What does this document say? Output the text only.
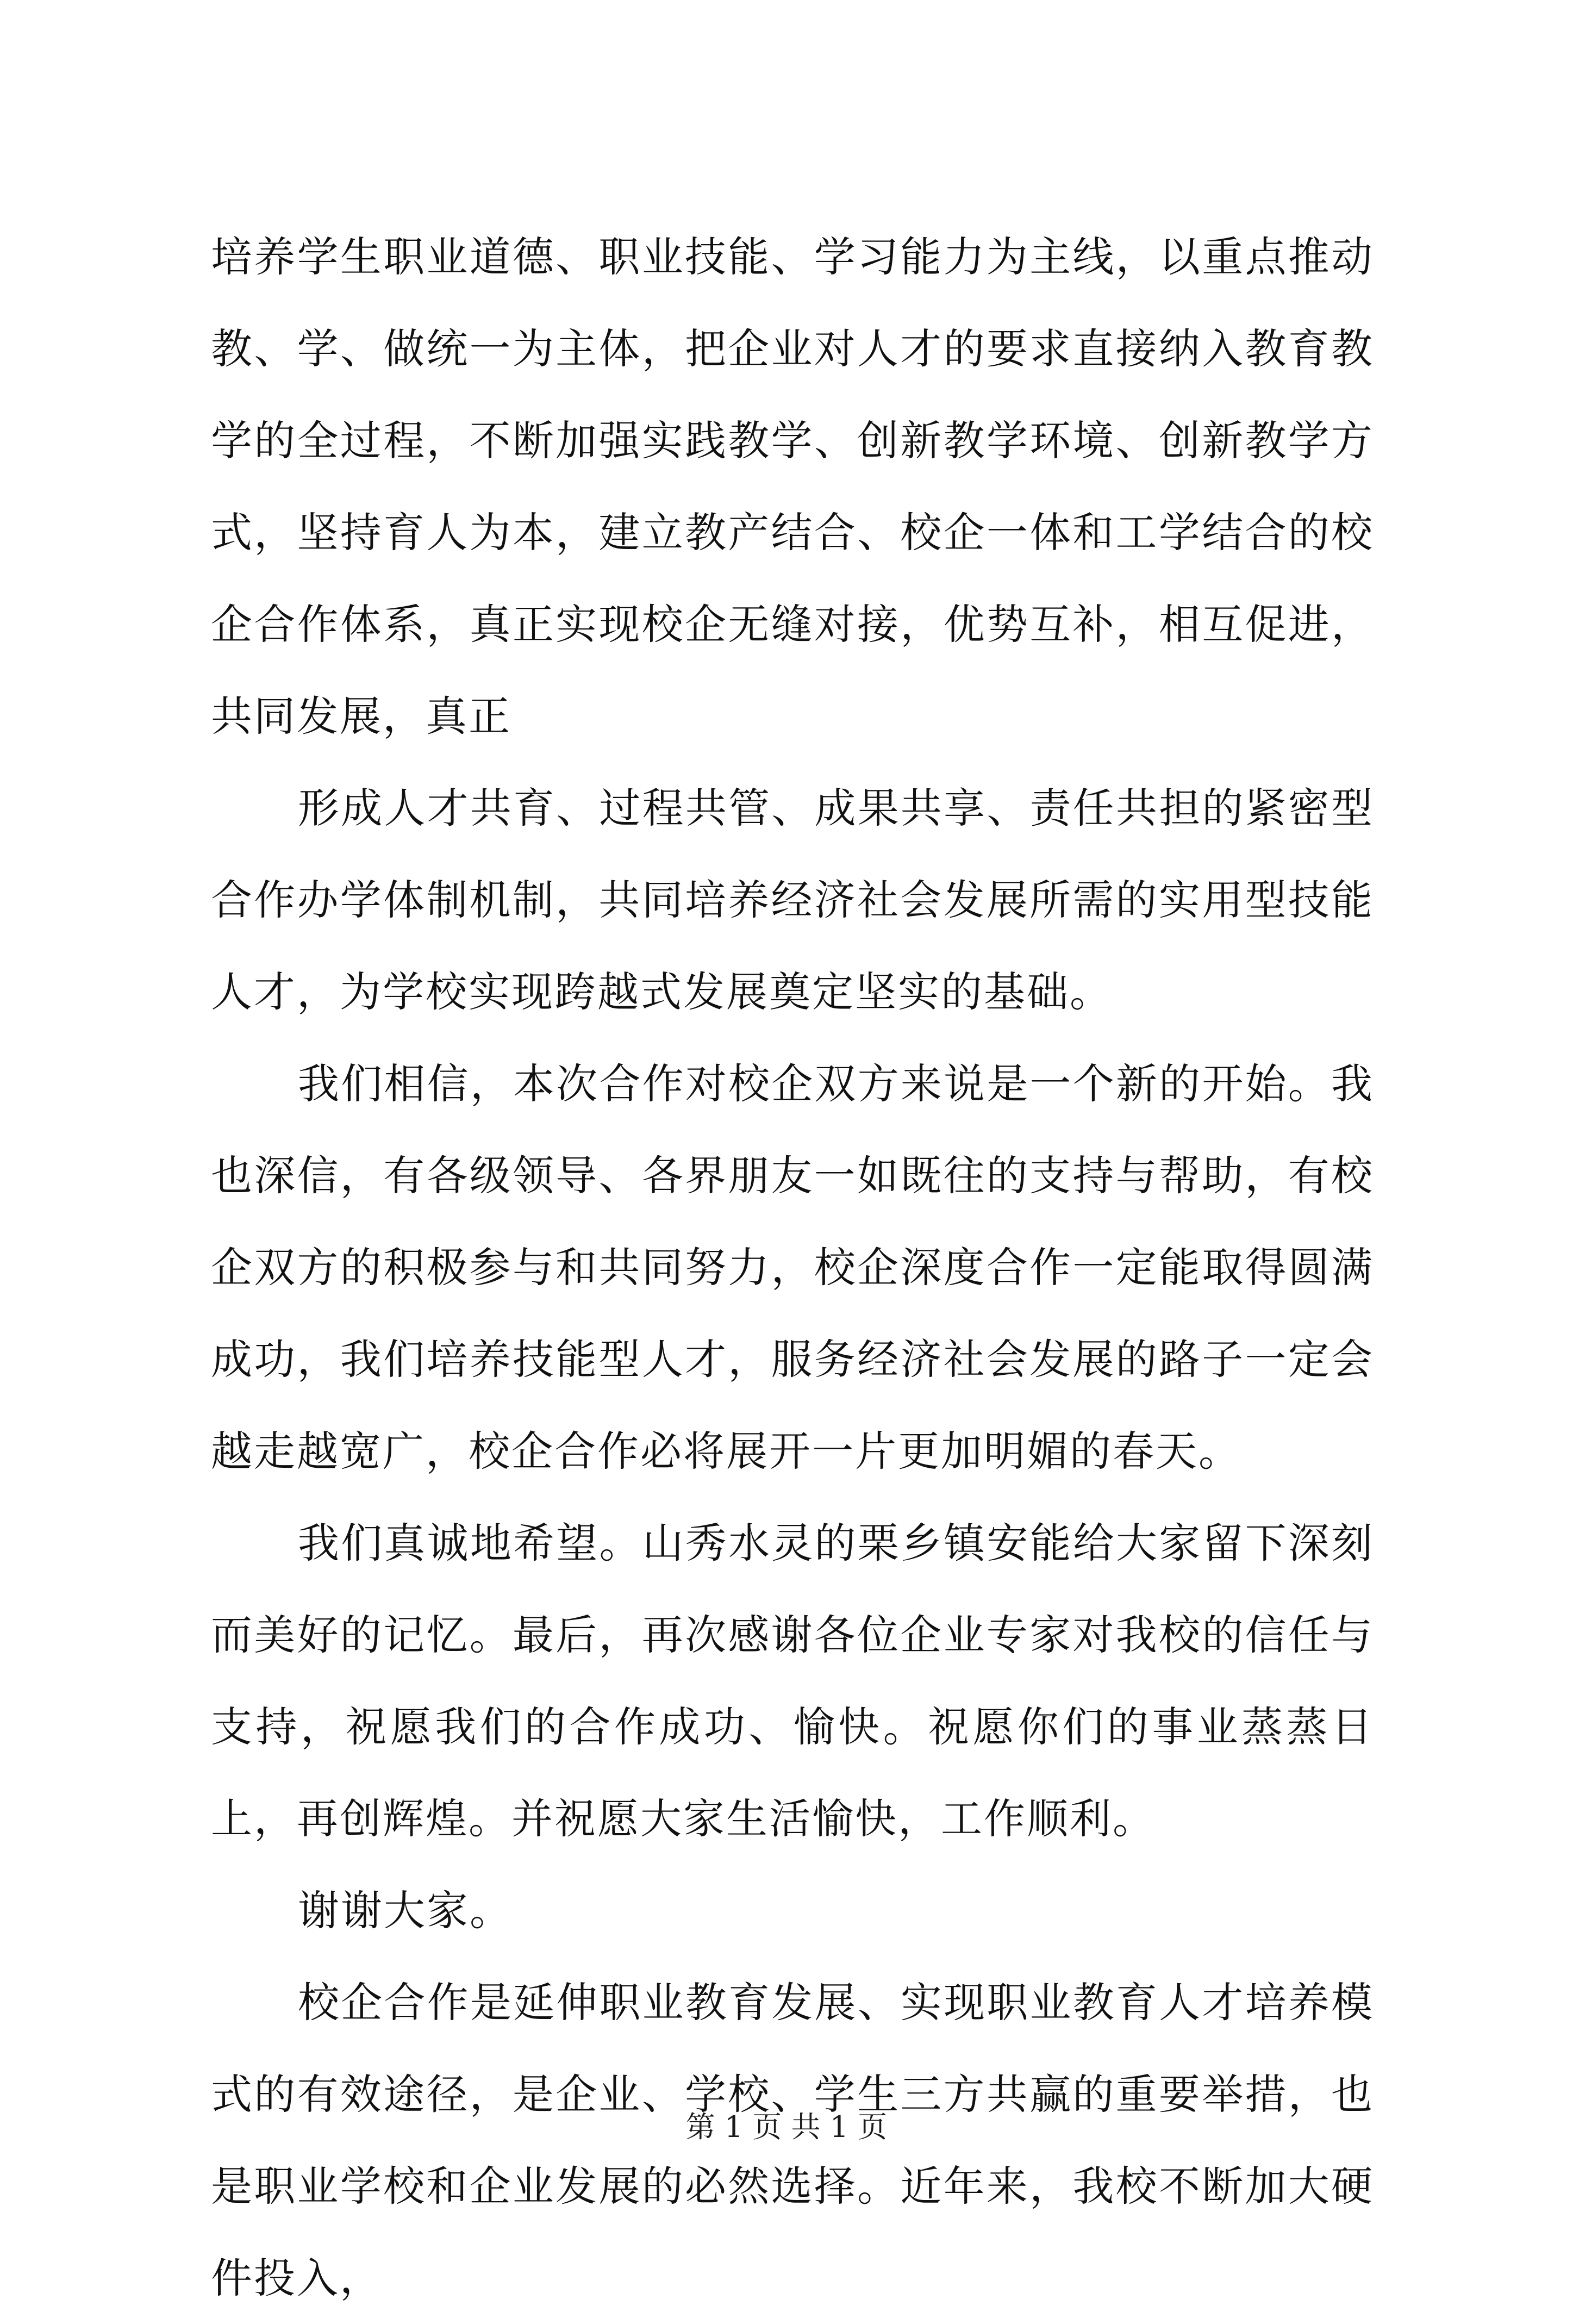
培养学生职业道德、职业技能、学习能力为主线，以重点推动教、学、做统一为主体，把企业对人才的要求直接纳入教育教学的全过程，不断加强实践教学、创新教学环境、创新教学方式，坚持育人为本，建立教产结合、校企一体和工学结合的校企合作体系，真正实现校企无缝对接，优势互补，相互促进，共同发展，真正

形成人才共育、过程共管、成果共享、责任共担的紧密型合作办学体制机制，共同培养经济社会发展所需的实用型技能人才，为学校实现跨越式发展奠定坚实的基础。

我们相信，本次合作对校企双方来说是一个新的开始。我也深信，有各级领导、各界朋友一如既往的支持与帮助，有校企双方的积极参与和共同努力，校企深度合作一定能取得圆满成功，我们培养技能型人才，服务经济社会发展的路子一定会越走越宽广，校企合作必将展开一片更加明媚的春天。

我们真诚地希望。山秀水灵的栗乡镇安能给大家留下深刻而美好的记忆。最后，再次感谢各位企业专家对我校的信任与支持，祝愿我们的合作成功、愉快。祝愿你们的事业蒸蒸日上，再创辉煌。并祝愿大家生活愉快，工作顺利。

谢谢大家。

校企合作是延伸职业教育发展、实现职业教育人才培养模式的有效途径，是企业、学校、学生三方共赢的重要举措，也是职业学校和企业发展的必然选择。近年来，我校不断加大硬件投入，

第 1 页 共 1 页
